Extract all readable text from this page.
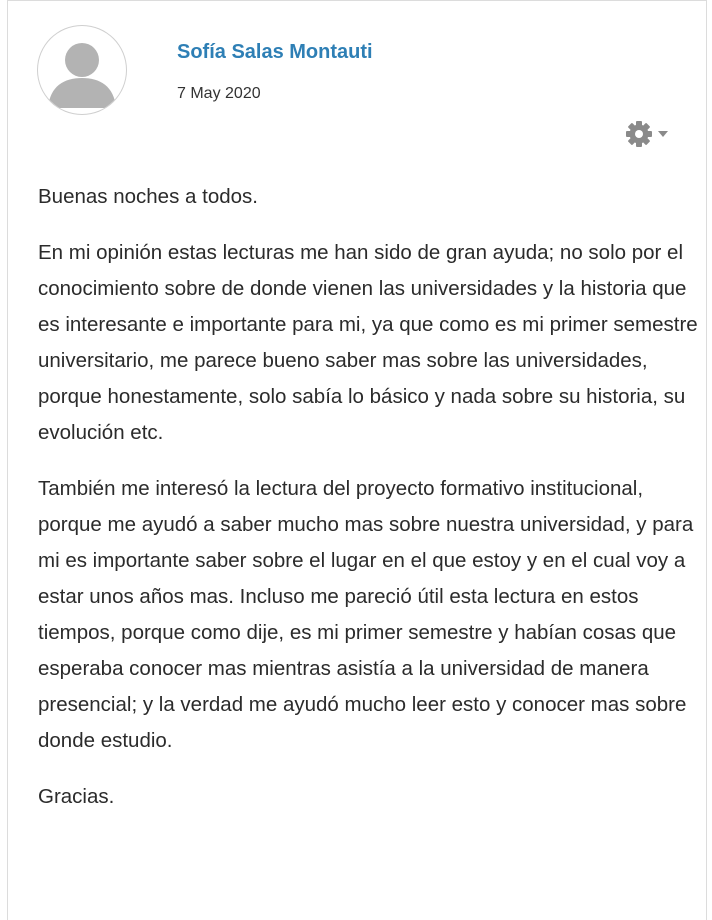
Sofía Salas Montauti
7 May 2020

Buenas noches a todos.

En mi opinión estas lecturas me han sido de gran ayuda; no solo por el conocimiento sobre de donde vienen las universidades y la historia que es interesante e importante para mi, ya que como es mi primer semestre universitario, me parece bueno saber mas sobre las universidades, porque honestamente, solo sabía lo básico y nada sobre su historia, su evolución etc.

También me interesó la lectura del proyecto formativo institucional, porque me ayudó a saber mucho mas sobre nuestra universidad, y para mi es importante saber sobre el lugar en el que estoy y en el cual voy a estar unos años mas. Incluso me pareció útil esta lectura en estos tiempos, porque como dije, es mi primer semestre y habían cosas que esperaba conocer mas mientras asistía a la universidad de manera presencial; y la verdad me ayudó mucho leer esto y conocer mas sobre donde estudio.

Gracias.
